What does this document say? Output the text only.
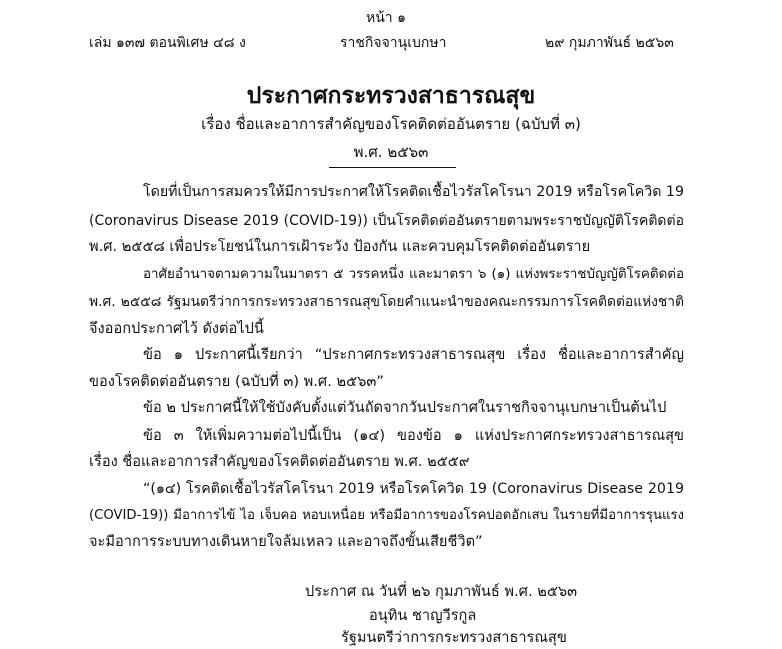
หน้า ๑
เล่ม ๑๓๗ ตอนพิเศษ ๔๘ ง	ราชกิจจานุเบกษา	๒๙ กุมภาพันธ์ ๒๕๖๓
ประกาศกระทรวงสาธารณสุข
เรื่อง ชื่อและอาการสำคัญของโรคติดต่ออันตราย (ฉบับที่ ๓)
พ.ศ. ๒๕๖๓
โดยที่เป็นการสมควรให้มีการประกาศให้โรคติดเชื้อไวรัสโคโรนา 2019 หรือโรคโควิด 19
(Coronavirus Disease 2019 (COVID-19)) เป็นโรคติดต่ออันตรายตามพระราชบัญญัติโรคติดต่อ
พ.ศ. ๒๕๕๘ เพื่อประโยชน์ในการเฝ้าระวัง ป้องกัน และควบคุมโรคติดต่ออันตราย
อาศัยอำนาจตามความในมาตรา ๕ วรรคหนึ่ง และมาตรา ๖ (๑) แห่งพระราชบัญญัติโรคติดต่อ
พ.ศ. ๒๕๕๘ รัฐมนตรีว่าการกระทรวงสาธารณสุขโดยคำแนะนำของคณะกรรมการโรคติดต่อแห่งชาติ
จึงออกประกาศไว้ ดังต่อไปนี้
ข้อ ๑ ประกาศนี้เรียกว่า “ประกาศกระทรวงสาธารณสุข เรื่อง ชื่อและอาการสำคัญ
ของโรคติดต่ออันตราย (ฉบับที่ ๓) พ.ศ. ๒๕๖๓”
ข้อ ๒ ประกาศนี้ให้ใช้บังคับตั้งแต่วันถัดจากวันประกาศในราชกิจจานุเบกษาเป็นต้นไป
ข้อ ๓ ให้เพิ่มความต่อไปนี้เป็น (๑๔) ของข้อ ๑ แห่งประกาศกระทรวงสาธารณสุข
เรื่อง ชื่อและอาการสำคัญของโรคติดต่ออันตราย พ.ศ. ๒๕๕๙
“(๑๔) โรคติดเชื้อไวรัสโคโรนา 2019 หรือโรคโควิด 19 (Coronavirus Disease 2019
(COVID-19)) มีอาการไข้ ไอ เจ็บคอ หอบเหนื่อย หรือมีอาการของโรคปอดอักเสบ ในรายที่มีอาการรุนแรง
จะมีอาการระบบทางเดินหายใจล้มเหลว และอาจถึงขั้นเสียชีวิต”
ประกาศ ณ วันที่ ๒๖ กุมภาพันธ์ พ.ศ. ๒๕๖๓
อนุทิน ชาญวีรกูล
รัฐมนตรีว่าการกระทรวงสาธารณสุข
